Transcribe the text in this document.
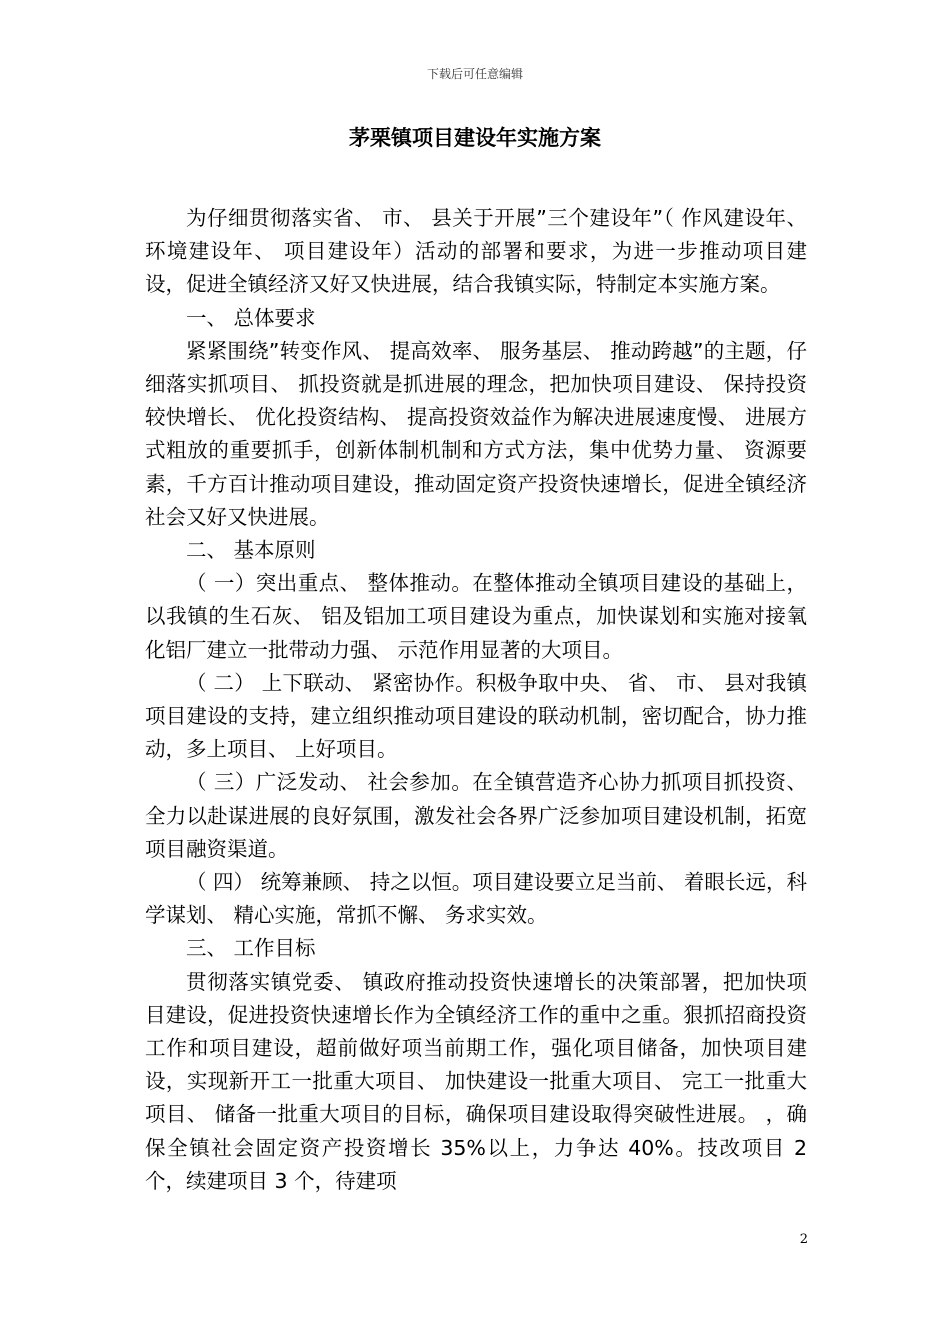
下载后可任意编辑
茅栗镇项目建设年实施方案

为仔细贯彻落实省、 市、 县关于开展”三个建设年”（ 作风建设年、 环境建设年、 项目建设年）活动的部署和要求，为进一步推动项目建设，促进全镇经济又好又快进展，结合我镇实际，特制定本实施方案。

一、 总体要求

紧紧围绕”转变作风、 提高效率、 服务基层、 推动跨越”的主题，仔细落实抓项目、 抓投资就是抓进展的理念，把加快项目建设、 保持投资较快增长、 优化投资结构、 提高投资效益作为解决进展速度慢、 进展方式粗放的重要抓手，创新体制机制和方式方法，集中优势力量、 资源要素，千方百计推动项目建设，推动固定资产投资快速增长，促进全镇经济社会又好又快进展。

二、 基本原则

（ 一）突出重点、 整体推动。在整体推动全镇项目建设的基础上，以我镇的生石灰、 铝及铝加工项目建设为重点，加快谋划和实施对接氧化铝厂建立一批带动力强、 示范作用显著的大项目。

（ 二） 上下联动、 紧密协作。积极争取中央、 省、 市、 县对我镇项目建设的支持，建立组织推动项目建设的联动机制，密切配合，协力推动，多上项目、 上好项目。

（ 三）广泛发动、 社会参加。在全镇营造齐心协力抓项目抓投资、 全力以赴谋进展的良好氛围，激发社会各界广泛参加项目建设机制，拓宽项目融资渠道。

（ 四） 统筹兼顾、 持之以恒。项目建设要立足当前、 着眼长远，科学谋划、 精心实施，常抓不懈、 务求实效。

三、 工作目标

贯彻落实镇党委、 镇政府推动投资快速增长的决策部署，把加快项目建设，促进投资快速增长作为全镇经济工作的重中之重。狠抓招商投资工作和项目建设，超前做好项当前期工作，强化项目储备，加快项目建设，实现新开工一批重大项目、 加快建设一批重大项目、 完工一批重大项目、 储备一批重大项目的目标，确保项目建设取得突破性进展。 ，确保全镇社会固定资产投资增长 35%以上，力争达 40%。技改项目 2 个，续建项目 3 个，待建项

2
